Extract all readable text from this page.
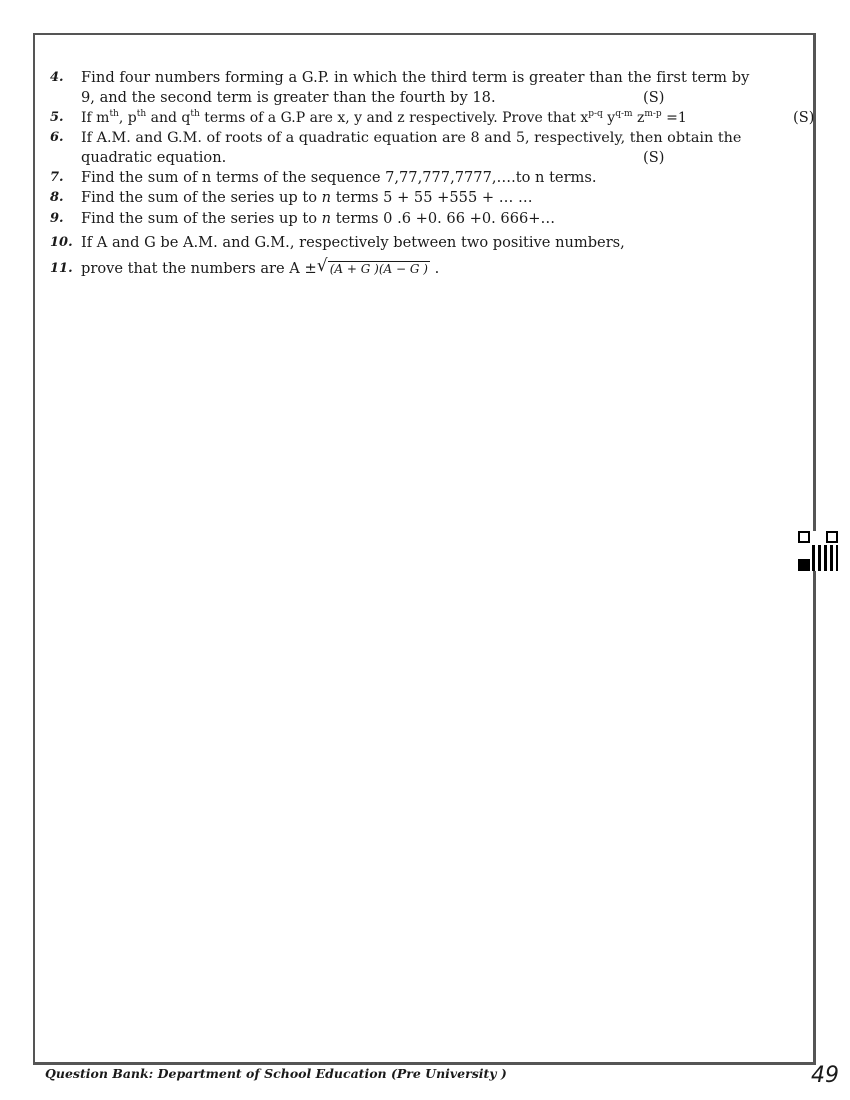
4. Find four numbers forming a G.P. in which the third term is greater than the first term by
9, and the second term is greater than the fourth by 18.	(S)
5. If $m^{th}$, $p^{th}$ and $q^{th}$ terms of a G.P are x, y and z respectively. Prove that $x^{p-q}$ $y^{q-m}$ $z^{m-p} =1$	(S)
6. If A.M. and G.M. of roots of a quadratic equation are 8 and 5, respectively, then obtain the
quadratic equation.	(S)
7. Find the sum of n terms of the sequence 7,77,777,7777,….to n terms.
8. Find the sum of the series up to n terms 5 + 55 +555 + … …
9. Find the sum of the series up to n terms 0 .6 +0. 66 +0. 666+…
10. If A and G be A.M. and G.M., respectively between two positive numbers,
11. prove that the numbers are A ± √ (A + G )(A − G ) .
Question Bank: Department of School Education (Pre University )	49
